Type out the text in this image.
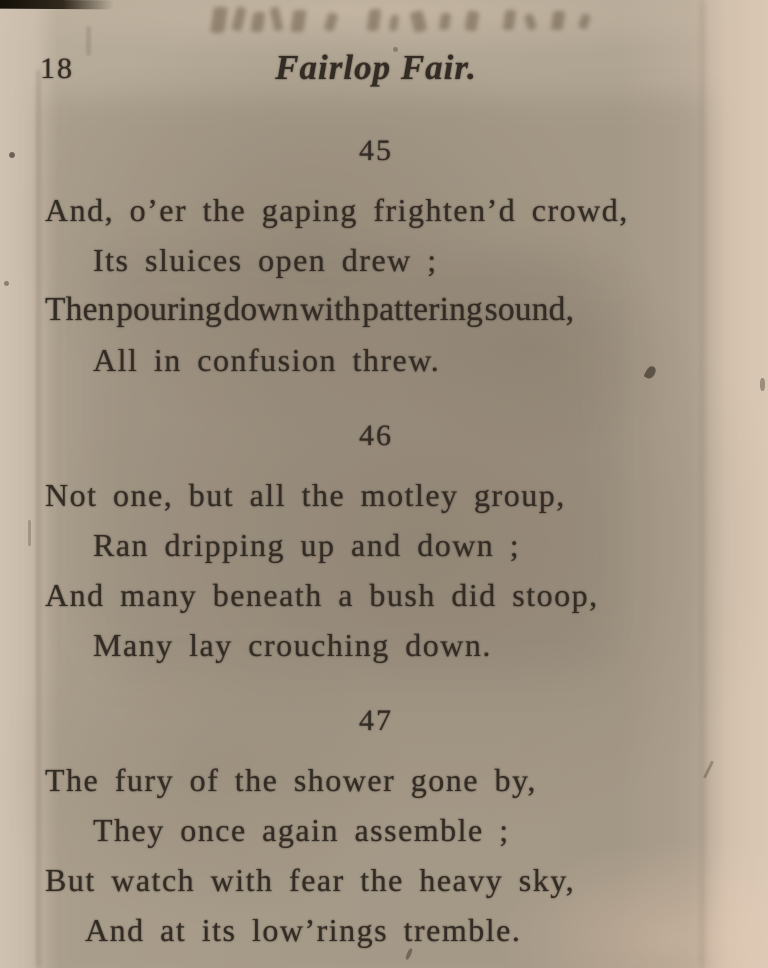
18	Fairlop Fair.
45
And, o’er the gaping frighten’d crowd,
Its sluices open drew ;
Then pouring down with pattering sound,
All in confusion threw.
46
Not one, but all the motley group,
Ran dripping up and down ;
And many beneath a bush did stoop,
Many lay crouching down.
47
The fury of the shower gone by,
They once again assemble ;
But watch with fear the heavy sky,
And at its low’rings tremble.
